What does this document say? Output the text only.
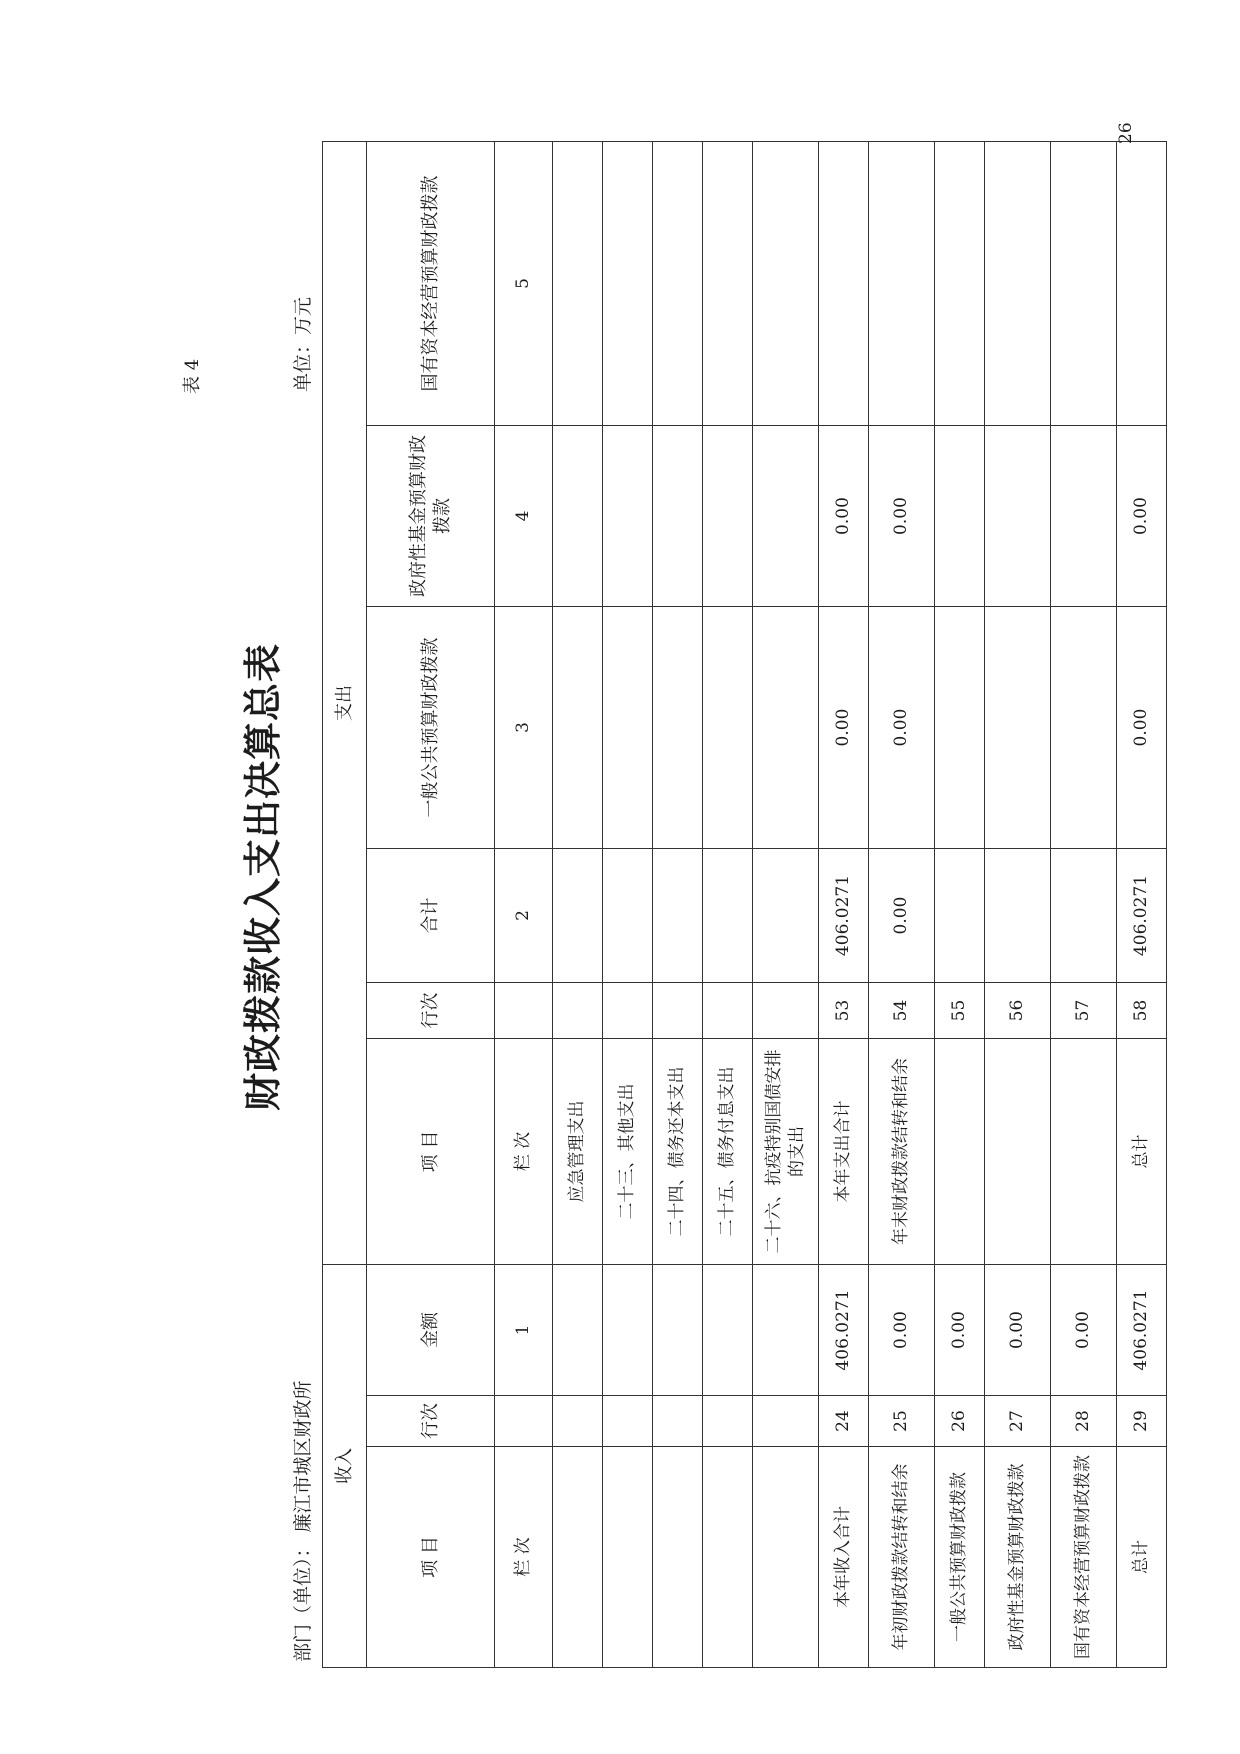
表 4
财政拨款收入支出决算总表
部门（单位）： 廉江市城区财政所
单位：万元
收入			支出					
项 目	行次	金额	项 目	行次	合计	一般公共预算财政拨款	政府性基金预算财政拨款	国有资本经营预算财政拨款
栏 次		1	栏 次		2	3	4	5
			应急管理支出					
			二十三、其他支出					
			二十四、债务还本支出					
			二十五、债务付息支出					
			二十六、抗疫特别国债安排的支出					
本年收入合计	24	406.0271	本年支出合计	53	406.0271	0.00	0.00	
年初财政拨款结转和结余	25	0.00	年末财政拨款结转和结余	54	0.00	0.00	0.00	
一般公共预算财政拨款	26	0.00		55				
政府性基金预算财政拨款	27	0.00		56				
国有资本经营预算财政拨款	28	0.00		57				
总计	29	406.0271	总计	58	406.0271	0.00	0.00	
26
